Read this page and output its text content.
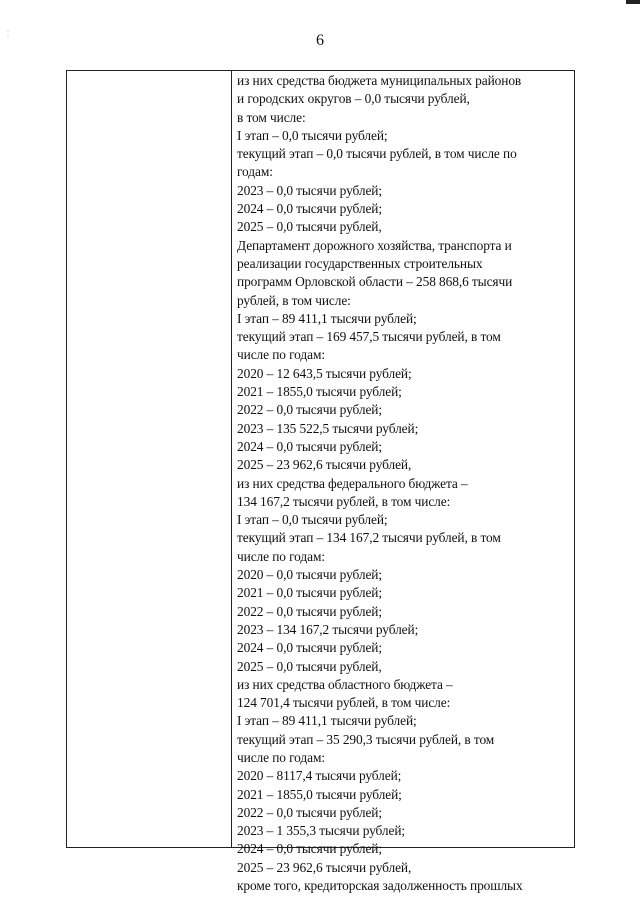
⋮	6
из них средства бюджета муниципальных районов
и городских округов – 0,0 тысячи рублей,
в том числе:
I этап – 0,0 тысячи рублей;
текущий этап – 0,0 тысячи рублей, в том числе по
годам:
2023 – 0,0 тысячи рублей;
2024 – 0,0 тысячи рублей;
2025 – 0,0 тысячи рублей,
Департамент дорожного хозяйства, транспорта и
реализации государственных строительных
программ Орловской области – 258 868,6 тысячи
рублей, в том числе:
I этап – 89 411,1 тысячи рублей;
текущий этап – 169 457,5 тысячи рублей, в том
числе по годам:
2020 – 12 643,5 тысячи рублей;
2021 – 1855,0 тысячи рублей;
2022 – 0,0 тысячи рублей;
2023 – 135 522,5 тысячи рублей;
2024 – 0,0 тысячи рублей;
2025 – 23 962,6 тысячи рублей,
из них средства федерального бюджета –
134 167,2 тысячи рублей, в том числе:
I этап – 0,0 тысячи рублей;
текущий этап – 134 167,2 тысячи рублей, в том
числе по годам:
2020 – 0,0 тысячи рублей;
2021 – 0,0 тысячи рублей;
2022 – 0,0 тысячи рублей;
2023 – 134 167,2 тысячи рублей;
2024 – 0,0 тысячи рублей;
2025 – 0,0 тысячи рублей,
из них средства областного бюджета –
124 701,4 тысячи рублей, в том числе:
I этап – 89 411,1 тысячи рублей;
текущий этап – 35 290,3 тысячи рублей, в том
числе по годам:
2020 – 8117,4 тысячи рублей;
2021 – 1855,0 тысячи рублей;
2022 – 0,0 тысячи рублей;
2023 – 1 355,3 тысячи рублей;
2024 – 0,0 тысячи рублей;
2025 – 23 962,6 тысячи рублей,
кроме того, кредиторская задолженность прошлых
